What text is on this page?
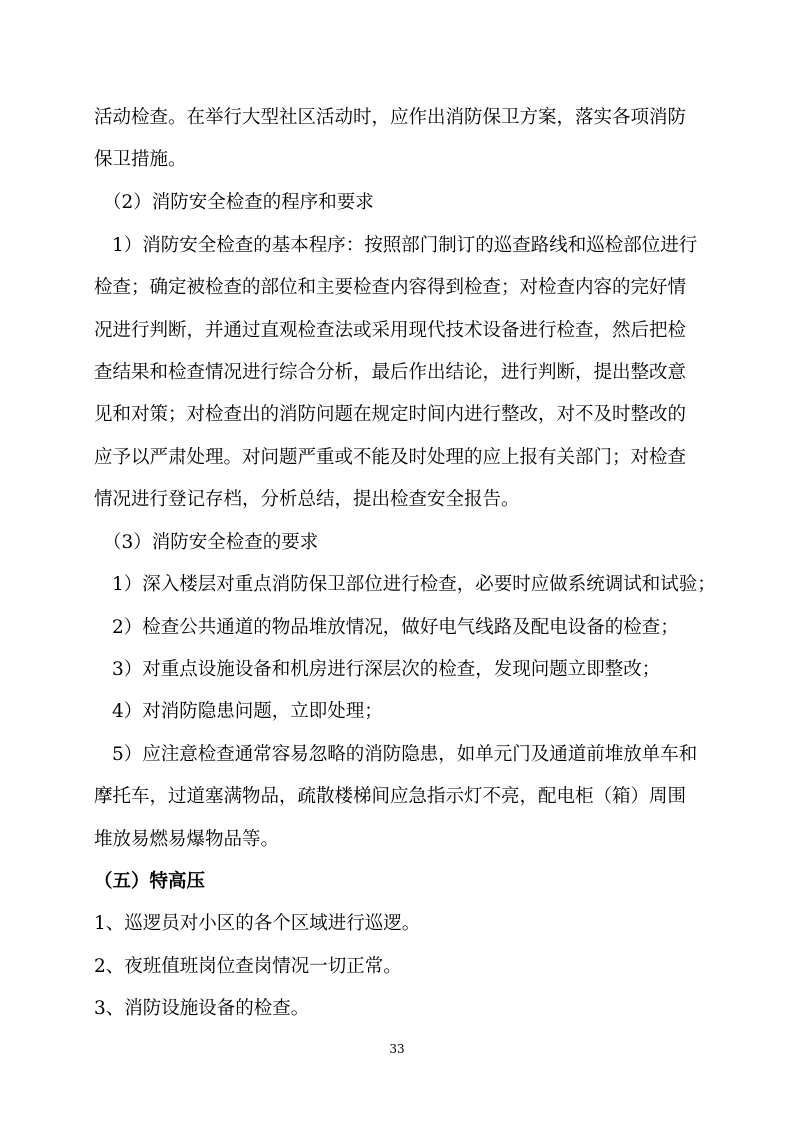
活动检查。在举行大型社区活动时，应作出消防保卫方案，落实各项消防
保卫措施。
（2）消防安全检查的程序和要求
1）消防安全检查的基本程序：按照部门制订的巡查路线和巡检部位进行
检查；确定被检查的部位和主要检查内容得到检查；对检查内容的完好情
况进行判断，并通过直观检查法或采用现代技术设备进行检查，然后把检
查结果和检查情况进行综合分析，最后作出结论，进行判断，提出整改意
见和对策；对检查出的消防问题在规定时间内进行整改，对不及时整改的
应予以严肃处理。对问题严重或不能及时处理的应上报有关部门；对检查
情况进行登记存档，分析总结，提出检查安全报告。
（3）消防安全检查的要求
1）深入楼层对重点消防保卫部位进行检查，必要时应做系统调试和试验；
2）检查公共通道的物品堆放情况，做好电气线路及配电设备的检查；
3）对重点设施设备和机房进行深层次的检查，发现问题立即整改；
4）对消防隐患问题，立即处理；
5）应注意检查通常容易忽略的消防隐患，如单元门及通道前堆放单车和
摩托车，过道塞满物品，疏散楼梯间应急指示灯不亮，配电柜（箱）周围
堆放易燃易爆物品等。
（五）特高压
1、巡逻员对小区的各个区域进行巡逻。
2、夜班值班岗位查岗情况一切正常。
3、消防设施设备的检查。
33
